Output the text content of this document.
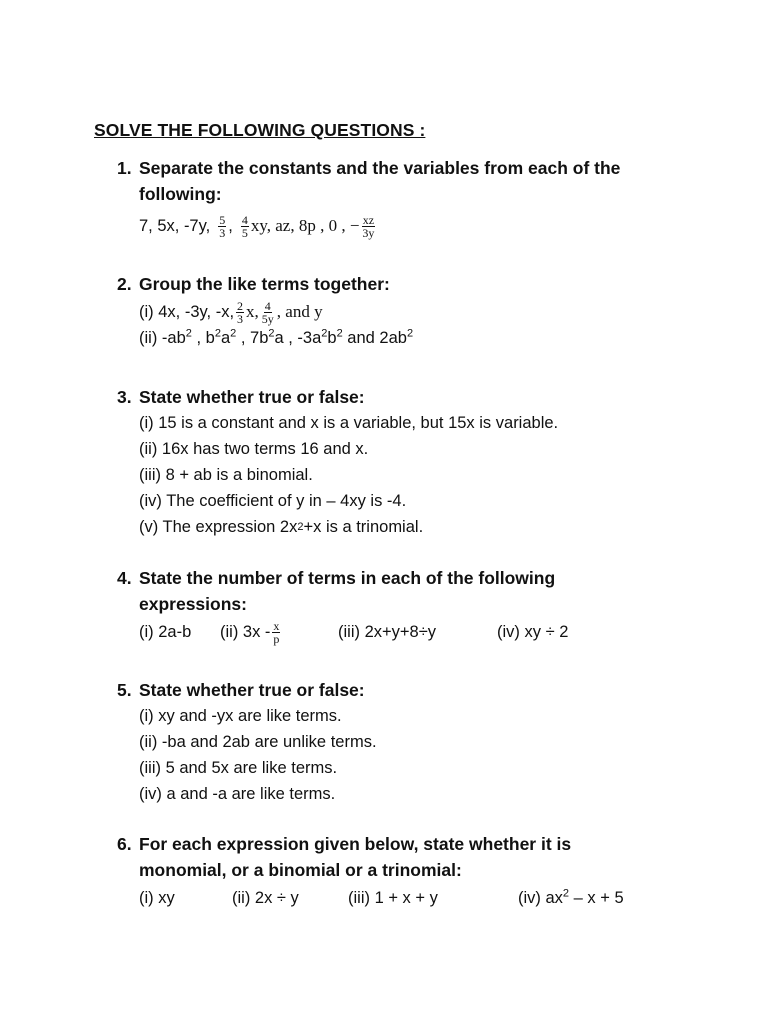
SOLVE THE FOLLOWING QUESTIONS :
1. Separate the constants and the variables from each of the following:
7, 5x, -7y, $\frac{5}{3}$ , $\frac{4}{5}$ xy, az, 8p , 0 , − $\frac{xz}{3y}$
2. Group the like terms together:
(i) 4x, -3y, -x, $\frac{2}{3} x$, $\frac{4}{5y}$ , and y
(ii) $-ab^2$ , $b^2a^2$ , $7b^2a$ , $-3a^2b^2$ and $2ab^2$
3. State whether true or false:
(i) 15 is a constant and x is a variable, but 15x is variable.
(ii) 16x has two terms 16 and x.
(iii) 8 + ab is a binomial.
(iv) The coefficient of y in – 4xy is -4.
(v) The expression 2x 2 +x is a trinomial.
4. State the number of terms in each of the following expressions:
(i) 2a-b	(ii) $3x - \frac{x}{p}$	(iii) 2x+y+8÷y	(iv) xy ÷ 2
5. State whether true or false:
(i) xy and -yx are like terms.
(ii) -ba and 2ab are unlike terms.
(iii) 5 and 5x are like terms.
(iv) a and -a are like terms.
6. For each expression given below, state whether it is monomial, or a binomial or a trinomial:
(i) xy	(ii) 2x ÷ y	(iii) 1 + x + y	(iv) $ax^2 - x + 5$
